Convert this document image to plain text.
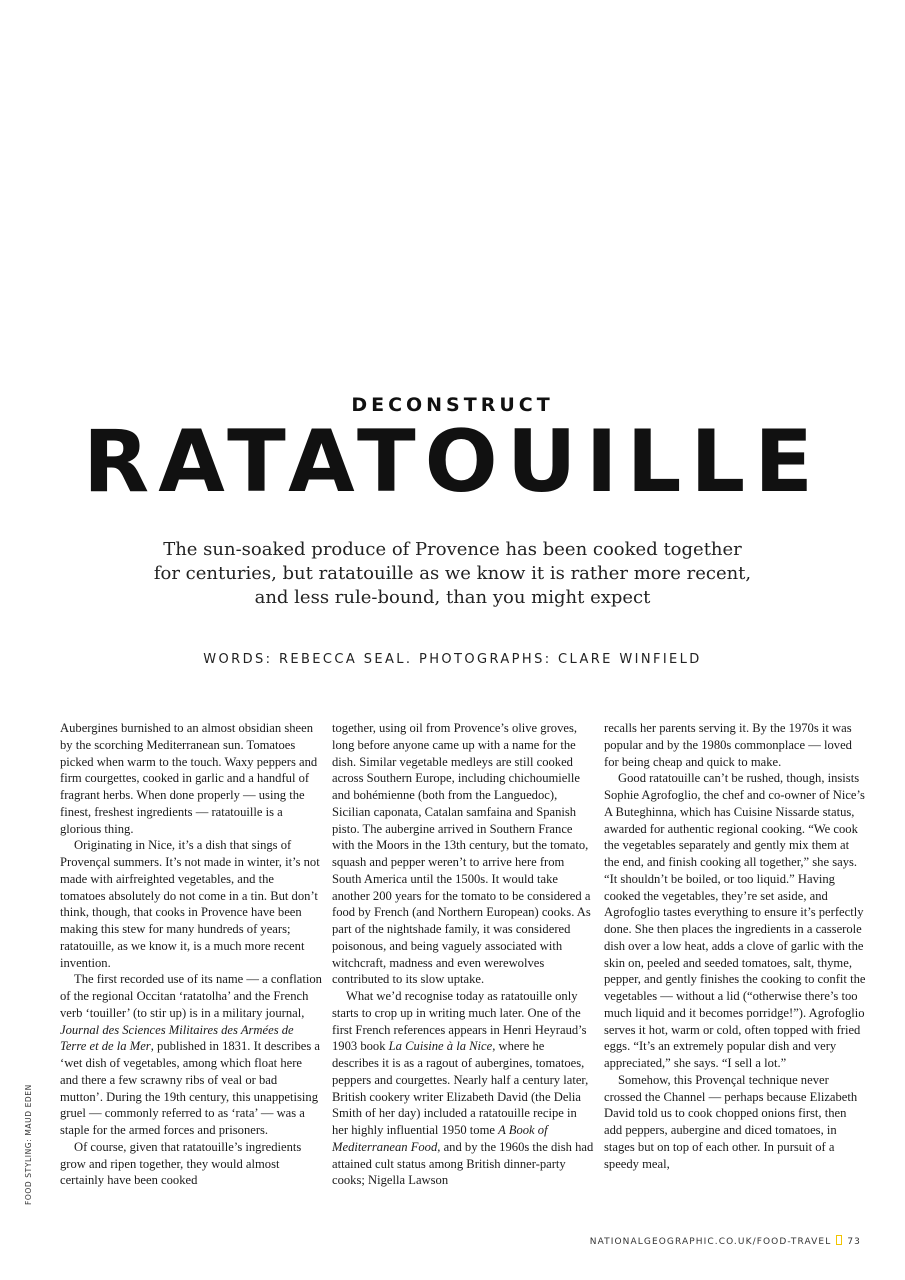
DECONSTRUCT
RATATOUILLE
The sun-soaked produce of Provence has been cooked together for centuries, but ratatouille as we know it is rather more recent, and less rule-bound, than you might expect
WORDS: REBECCA SEAL. PHOTOGRAPHS: CLARE WINFIELD

Aubergines burnished to an almost obsidian sheen by the scorching Mediterranean sun. Tomatoes picked when warm to the touch. Waxy peppers and firm courgettes, cooked in garlic and a handful of fragrant herbs. When done properly — using the finest, freshest ingredients — ratatouille is a glorious thing.

Originating in Nice, it’s a dish that sings of Provençal summers. It’s not made in winter, it’s not made with airfreighted vegetables, and the tomatoes absolutely do not come in a tin. But don’t think, though, that cooks in Provence have been making this stew for many hundreds of years; ratatouille, as we know it, is a much more recent invention.

The first recorded use of its name — a conflation of the regional Occitan ‘ratatolha’ and the French verb ‘touiller’ (to stir up) is in a military journal, Journal des Sciences Militaires des Armées de Terre et de la Mer, published in 1831. It describes a ‘wet dish of vegetables, among which float here and there a few scrawny ribs of veal or bad mutton’. During the 19th century, this unappetising gruel — commonly referred to as ‘rata’ — was a staple for the armed forces and prisoners.

Of course, given that ratatouille’s ingredients grow and ripen together, they would almost certainly have been cooked

together, using oil from Provence’s olive groves, long before anyone came up with a name for the dish. Similar vegetable medleys are still cooked across Southern Europe, including chichoumielle and bohémienne (both from the Languedoc), Sicilian caponata, Catalan samfaina and Spanish pisto. The aubergine arrived in Southern France with the Moors in the 13th century, but the tomato, squash and pepper weren’t to arrive here from South America until the 1500s. It would take another 200 years for the tomato to be considered a food by French (and Northern European) cooks. As part of the nightshade family, it was considered poisonous, and being vaguely associated with witchcraft, madness and even werewolves contributed to its slow uptake.

What we’d recognise today as ratatouille only starts to crop up in writing much later. One of the first French references appears in Henri Heyraud’s 1903 book La Cuisine à la Nice, where he describes it is as a ragout of aubergines, tomatoes, peppers and courgettes. Nearly half a century later, British cookery writer Elizabeth David (the Delia Smith of her day) included a ratatouille recipe in her highly influential 1950 tome A Book of Mediterranean Food, and by the 1960s the dish had attained cult status among British dinner-party cooks; Nigella Lawson

recalls her parents serving it. By the 1970s it was popular and by the 1980s commonplace — loved for being cheap and quick to make.

Good ratatouille can’t be rushed, though, insists Sophie Agrofoglio, the chef and co-owner of Nice’s A Buteghinna, which has Cuisine Nissarde status, awarded for authentic regional cooking. “We cook the vegetables separately and gently mix them at the end, and finish cooking all together,” she says. “It shouldn’t be boiled, or too liquid.” Having cooked the vegetables, they’re set aside, and Agrofoglio tastes everything to ensure it’s perfectly done. She then places the ingredients in a casserole dish over a low heat, adds a clove of garlic with the skin on, peeled and seeded tomatoes, salt, thyme, pepper, and gently finishes the cooking to confit the vegetables — without a lid (“otherwise there’s too much liquid and it becomes porridge!”). Agrofoglio serves it hot, warm or cold, often topped with fried eggs. “It’s an extremely popular dish and very appreciated,” she says. “I sell a lot.”

Somehow, this Provençal technique never crossed the Channel — perhaps because Elizabeth David told us to cook chopped onions first, then add peppers, aubergine and diced tomatoes, in stages but on top of each other. In pursuit of a speedy meal,

FOOD STYLING: MAUD EDEN
NATIONALGEOGRAPHIC.CO.UK/FOOD-TRAVEL 73
